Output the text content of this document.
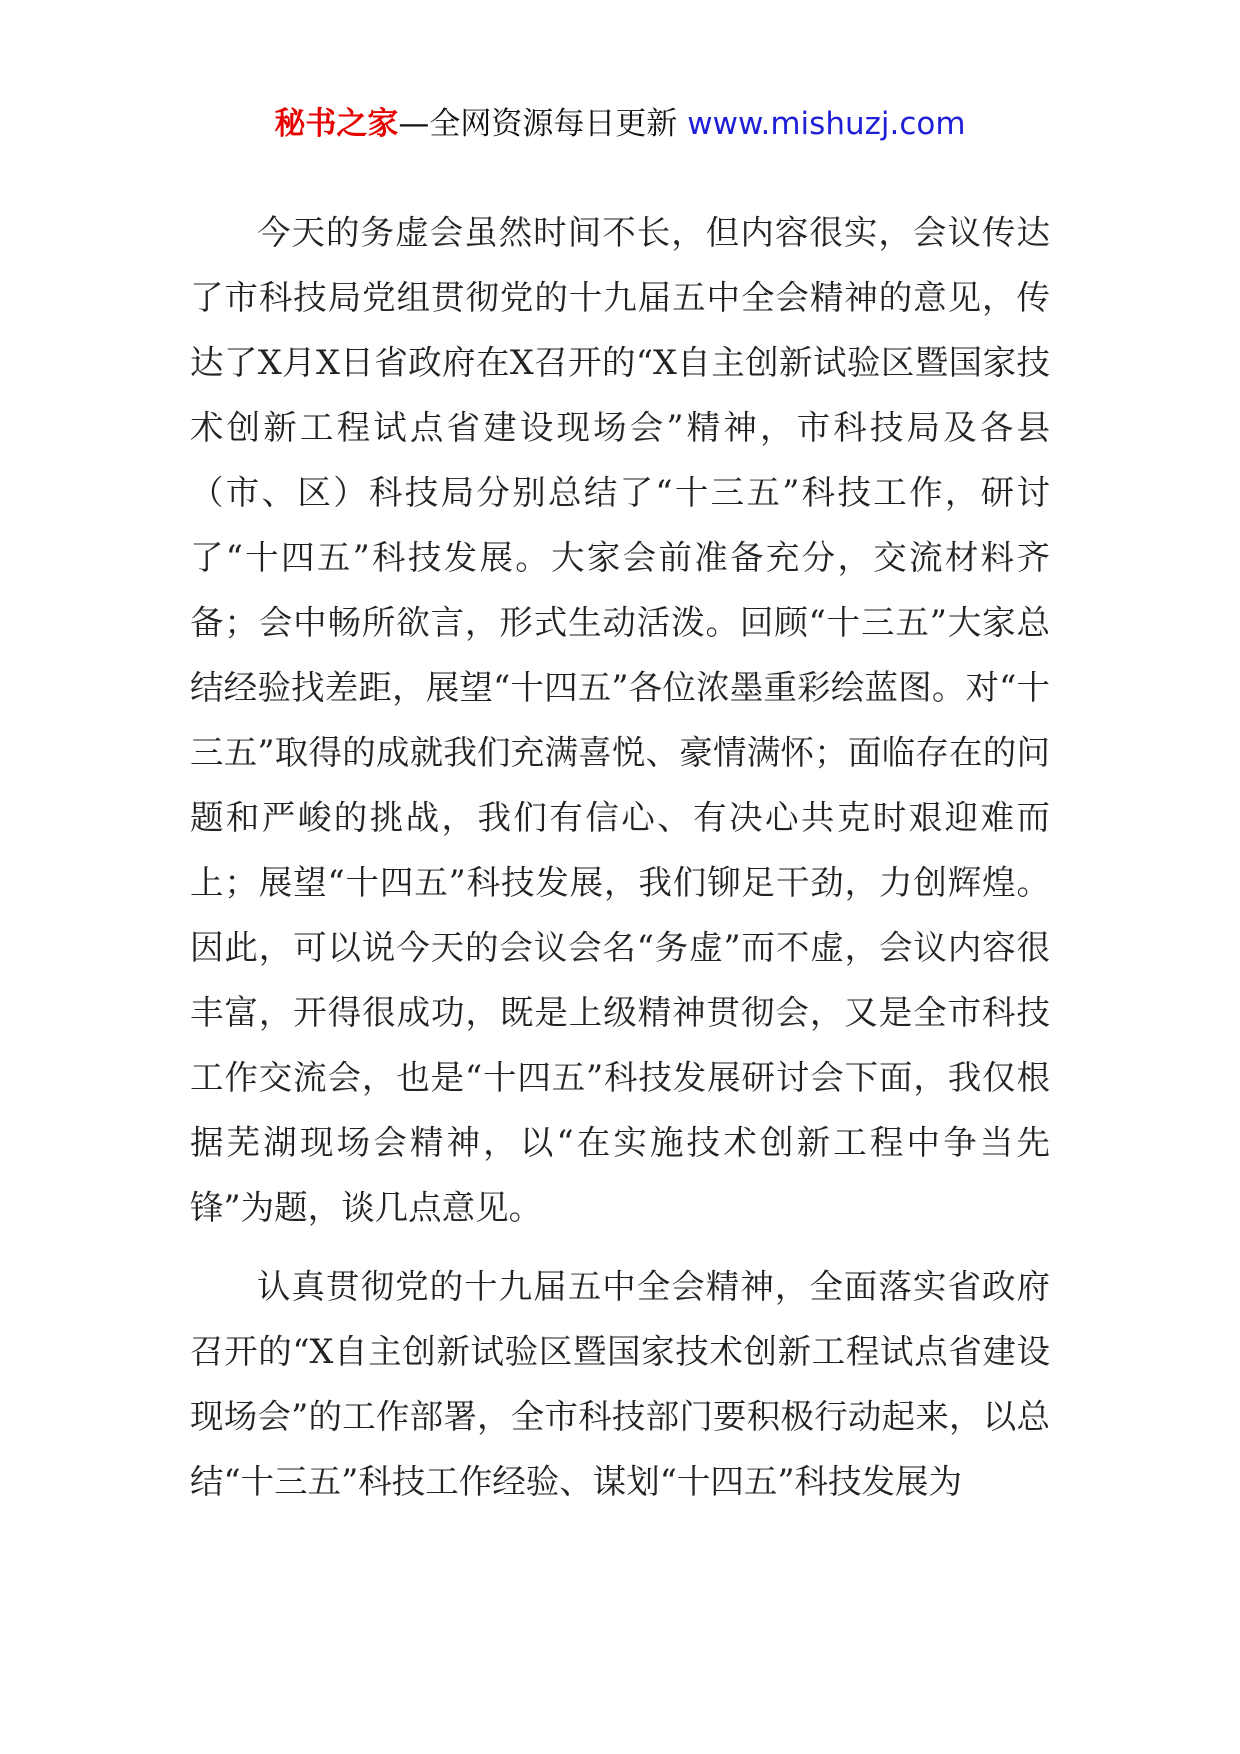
秘书之家—全网资源每日更新 www.mishuzj.com

今天的务虚会虽然时间不长，但内容很实，会议传达了市科技局党组贯彻党的十九届五中全会精神的意见，传达了X月X日省政府在X召开的“X自主创新试验区暨国家技术创新工程试点省建设现场会”精神，市科技局及各县（市、区）科技局分别总结了“十三五”科技工作，研讨了“十四五”科技发展。大家会前准备充分，交流材料齐备；会中畅所欲言，形式生动活泼。回顾“十三五”大家总结经验找差距，展望“十四五”各位浓墨重彩绘蓝图。对“十三五”取得的成就我们充满喜悦、豪情满怀；面临存在的问题和严峻的挑战，我们有信心、有决心共克时艰迎难而上；展望“十四五”科技发展，我们铆足干劲，力创辉煌。因此，可以说今天的会议会名“务虚”而不虚，会议内容很丰富，开得很成功，既是上级精神贯彻会，又是全市科技工作交流会，也是“十四五”科技发展研讨会下面，我仅根据芜湖现场会精神，以“在实施技术创新工程中争当先锋”为题，谈几点意见。

认真贯彻党的十九届五中全会精神，全面落实省政府召开的“X自主创新试验区暨国家技术创新工程试点省建设现场会”的工作部署，全市科技部门要积极行动起来，以总结“十三五”科技工作经验、谋划“十四五”科技发展为
